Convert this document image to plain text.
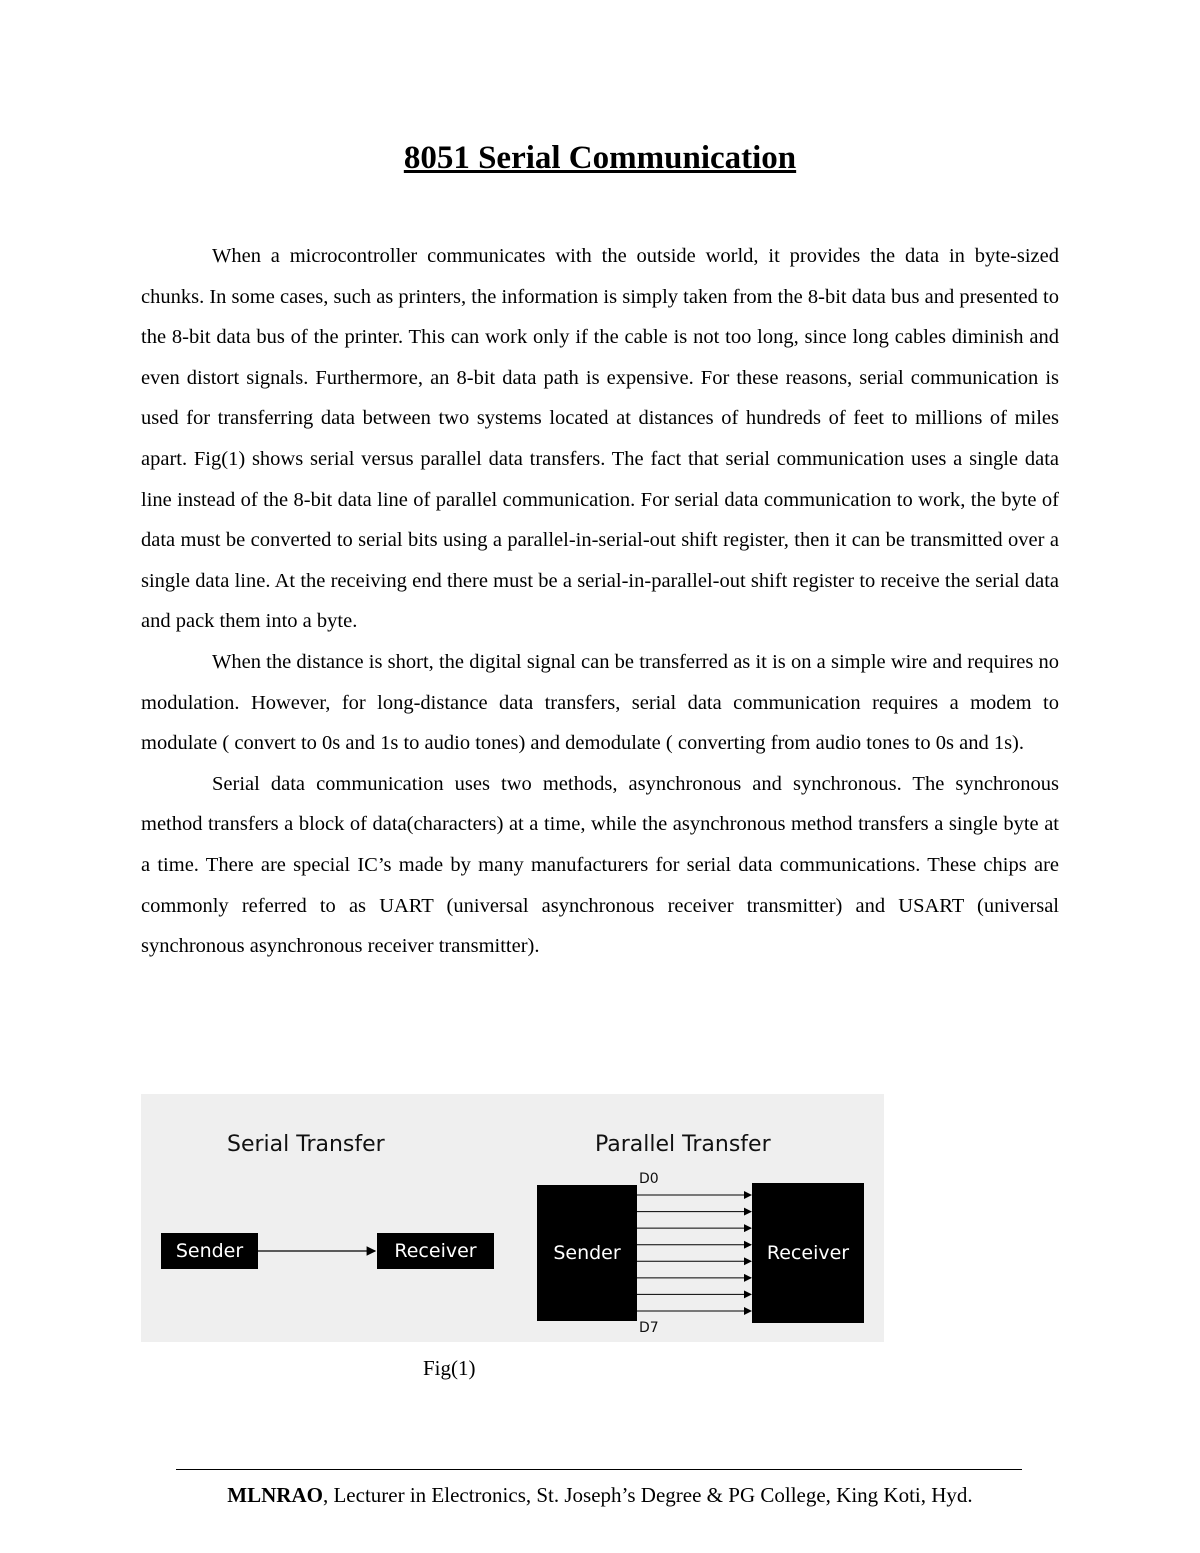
8051 Serial Communication

When a microcontroller communicates with the outside world, it provides the data in byte-sized chunks. In some cases, such as printers, the information is simply taken from the 8-bit data bus and presented to the 8-bit data bus of the printer. This can work only if the cable is not too long, since long cables diminish and even distort signals. Furthermore, an 8-bit data path is expensive. For these reasons, serial communication is used for transferring data between two systems located at distances of hundreds of feet to millions of miles apart. Fig(1) shows serial versus parallel data transfers. The fact that serial communication uses a single data line instead of the 8-bit data line of parallel communication. For serial data communication to work, the byte of data must be converted to serial bits using a parallel-in-serial-out shift register, then it can be transmitted over a single data line. At the receiving end there must be a serial-in-parallel-out shift register to receive the serial data and pack them into a byte.

When the distance is short, the digital signal can be transferred as it is on a simple wire and requires no modulation. However, for long-distance data transfers, serial data communication requires a modem to modulate ( convert to 0s and 1s to audio tones) and demodulate ( converting from audio tones to 0s and 1s).

Serial data communication uses two methods, asynchronous and synchronous. The synchronous method transfers a block of data(characters) at a time, while the asynchronous method transfers a single byte at a time. There are special IC’s made by many manufacturers for serial data communications. These chips are commonly referred to as UART (universal asynchronous receiver transmitter) and USART (universal synchronous asynchronous receiver transmitter).

Serial Transfer
Sender	Receiver
Parallel Transfer
D0
D7
Sender	Receiver
Fig(1)
MLNRAO, Lecturer in Electronics, St. Joseph’s Degree & PG College, King Koti, Hyd.
